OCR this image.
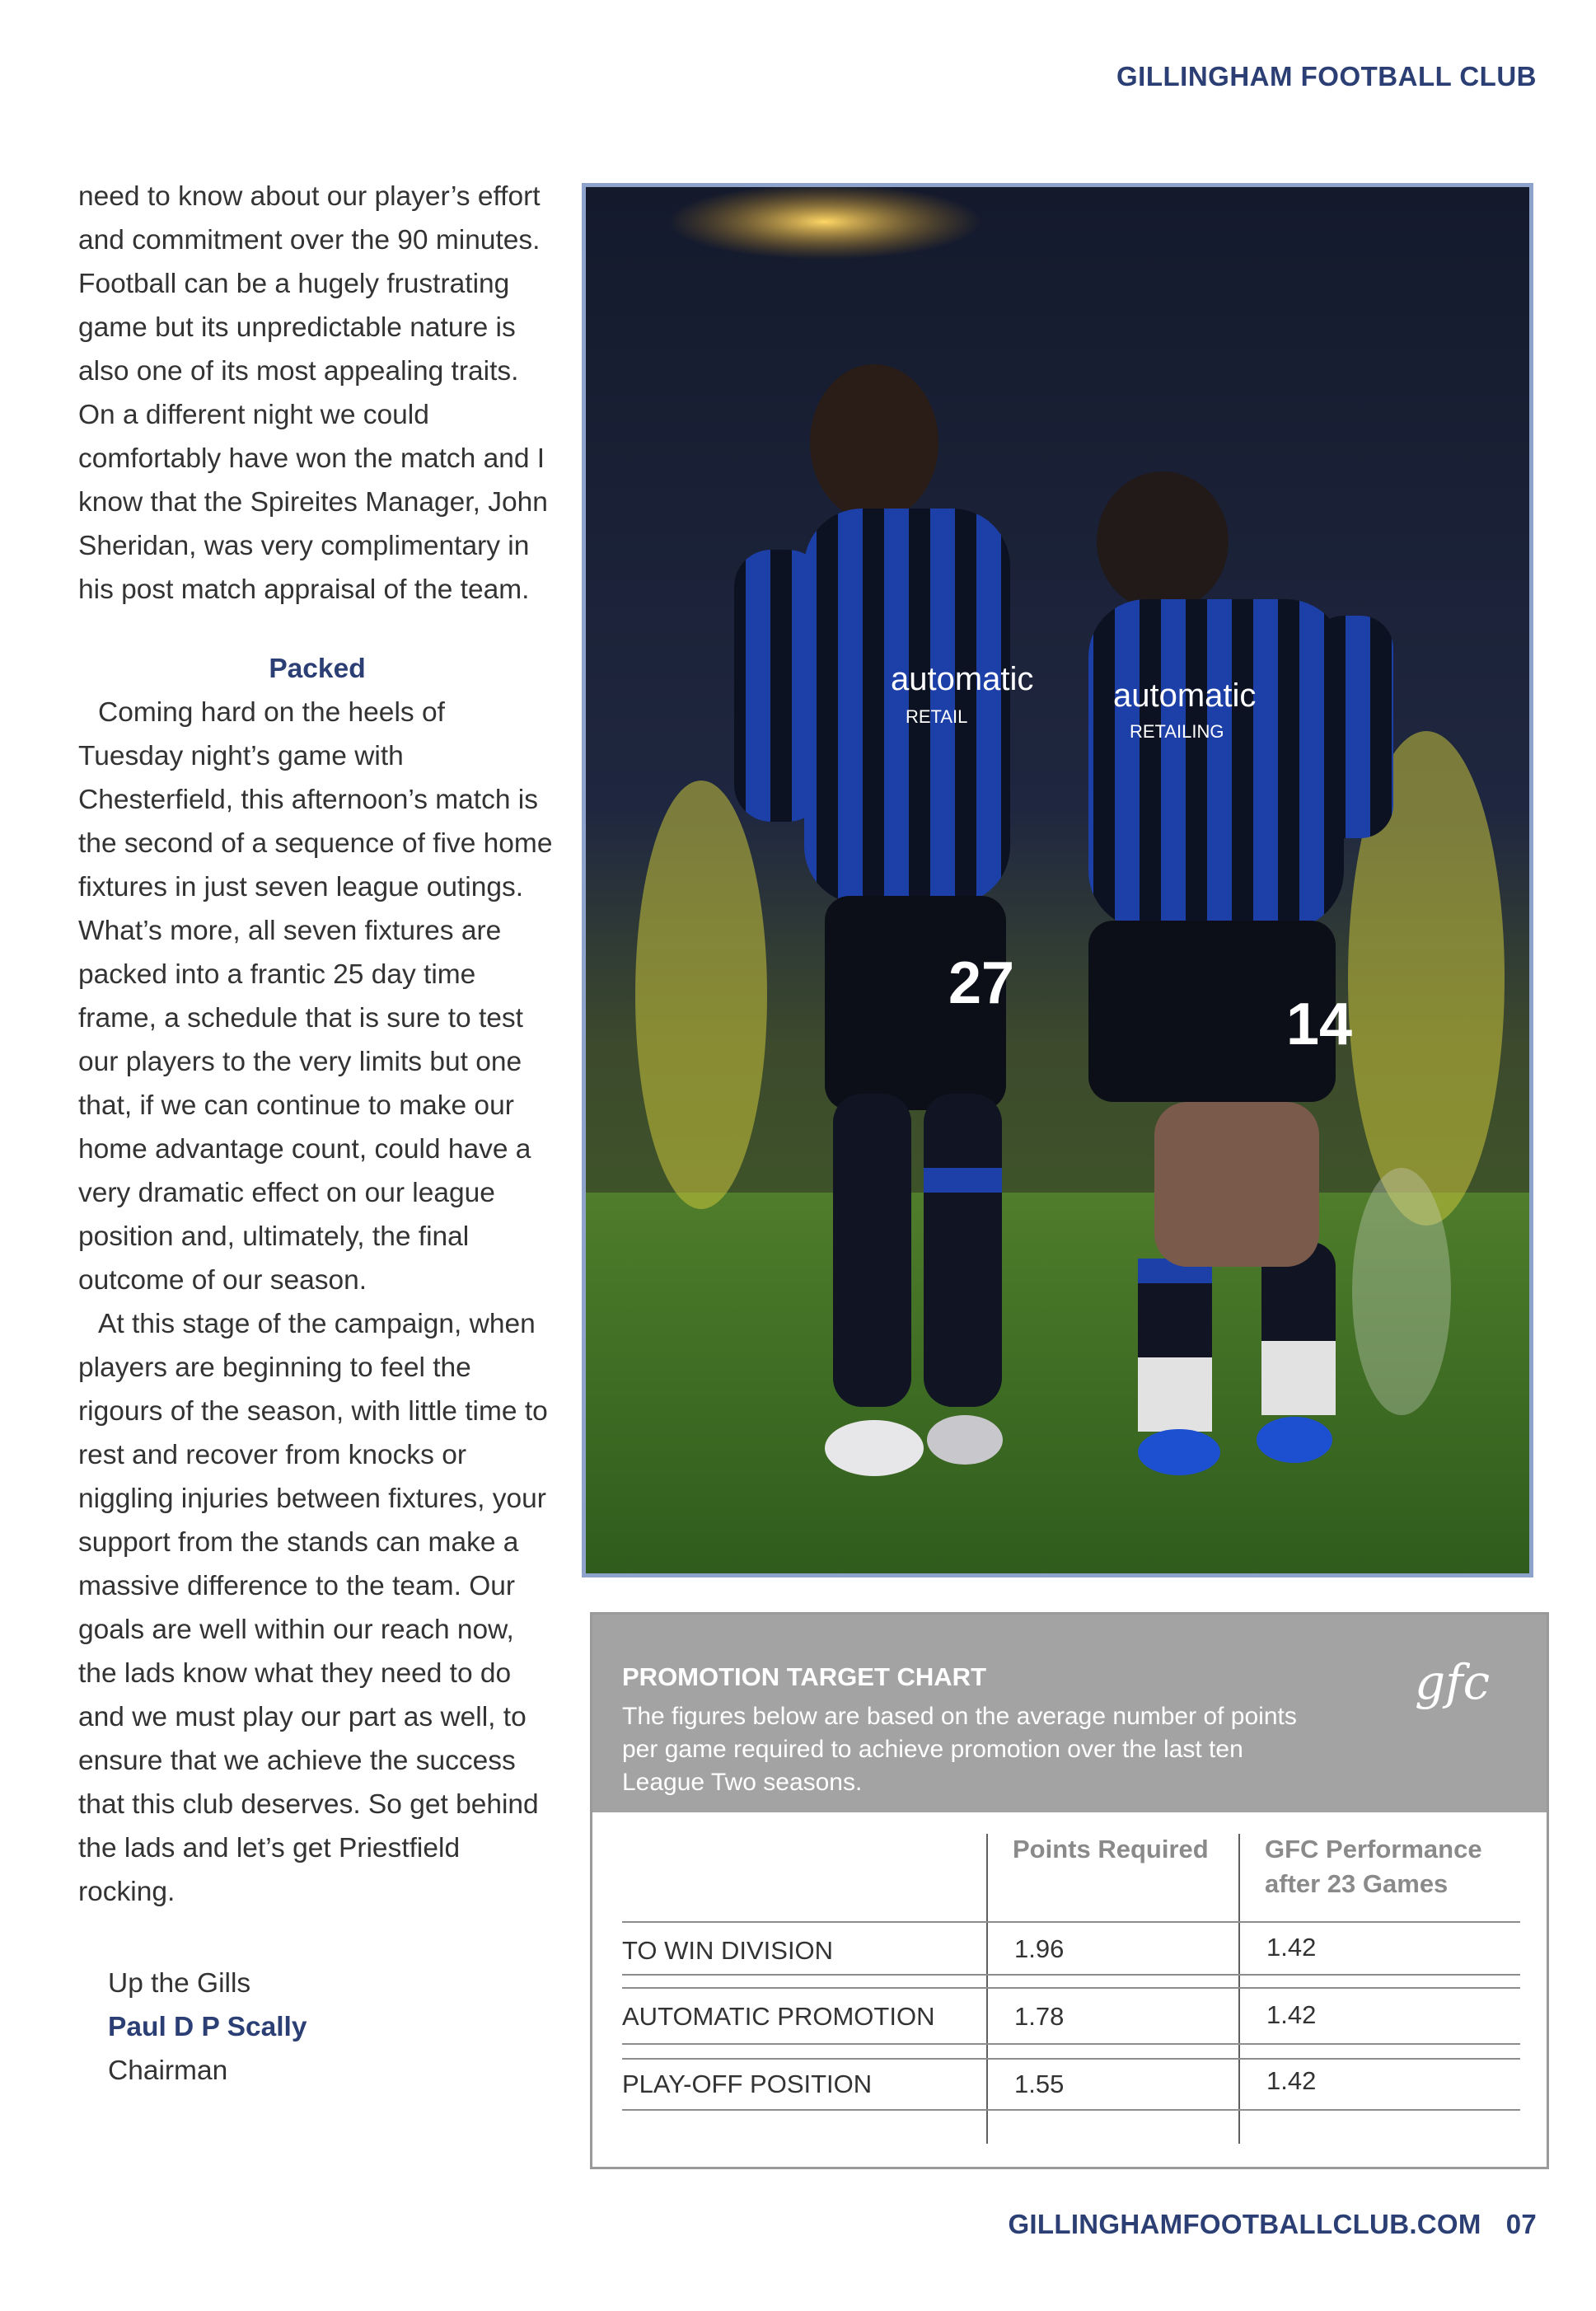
GILLINGHAM FOOTBALL CLUB

need to know about our player’s effort and commitment over the 90 minutes. Football can be a hugely frustrating game but its unpredictable nature is also one of its most appealing traits. On a different night we could comfortably have won the match and I know that the Spireites Manager, John Sheridan, was very complimentary in his post match appraisal of the team.

Packed

Coming hard on the heels of Tuesday night’s game with Chesterfield, this afternoon’s match is the second of a sequence of five home fixtures in just seven league outings. What’s more, all seven fixtures are packed into a frantic 25 day time frame, a schedule that is sure to test our players to the very limits but one that, if we can continue to make our home advantage count, could have a very dramatic effect on our league position and, ultimately, the final outcome of our season.

At this stage of the campaign, when players are beginning to feel the rigours of the season, with little time to rest and recover from knocks or niggling injuries between fixtures, your support from the stands can make a massive difference to the team. Our goals are well within our reach now, the lads know what they need to do and we must play our part as well, to ensure that we achieve the success that this club deserves. So get behind the lads and let’s get Priestfield rocking.

Up the Gills
Paul D P Scally
Chairman
automatic
RETAIL
27
automatic
RETAILING
14
PROMOTION TARGET CHART
The figures below are based on the average number of points per game required to achieve promotion over the last ten League Two seasons.
gfc
Points Required GFC Performance
after 23 Games
TO WIN DIVISION	1.96	1.42
AUTOMATIC PROMOTION	1.78	1.42
PLAY-OFF POSITION	1.55	1.42
GILLINGHAMFOOTBALLCLUB.COM 07
